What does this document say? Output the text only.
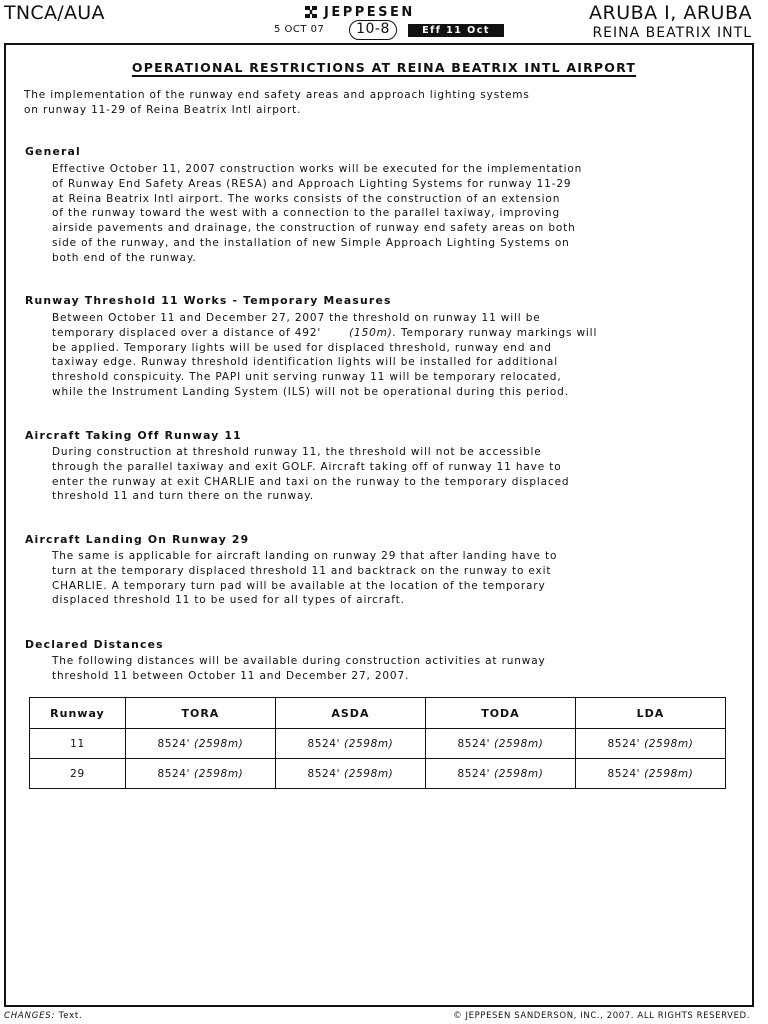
TNCA/AUA	JEPPESEN
5 OCT 07	10-8	Eff 11 Oct
ARUBA I, ARUBA
REINA BEATRIX INTL
OPERATIONAL RESTRICTIONS AT REINA BEATRIX INTL AIRPORT
The implementation of the runway end safety areas and approach lighting systems
on runway 11-29 of Reina Beatrix Intl airport.
General
Effective October 11, 2007 construction works will be executed for the implementation
of Runway End Safety Areas (RESA) and Approach Lighting Systems for runway 11-29
at Reina Beatrix Intl airport. The works consists of the construction of an extension
of the runway toward the west with a connection to the parallel taxiway, improving
airside pavements and drainage, the construction of runway end safety areas on both
side of the runway, and the installation of new Simple Approach Lighting Systems on
both end of the runway.
Runway Threshold 11 Works - Temporary Measures
Between October 11 and December 27, 2007 the threshold on runway 11 will be
temporary displaced over a distance of 492'	(150m). Temporary runway markings will
be applied. Temporary lights will be used for displaced threshold, runway end and
taxiway edge. Runway threshold identification lights will be installed for additional
threshold conspicuity. The PAPI unit serving runway 11 will be temporary relocated,
while the Instrument Landing System (ILS) will not be operational during this period.
Aircraft Taking Off Runway 11
During construction at threshold runway 11, the threshold will not be accessible
through the parallel taxiway and exit GOLF. Aircraft taking off of runway 11 have to
enter the runway at exit CHARLIE and taxi on the runway to the temporary displaced
threshold 11 and turn there on the runway.
Aircraft Landing On Runway 29
The same is applicable for aircraft landing on runway 29 that after landing have to
turn at the temporary displaced threshold 11 and backtrack on the runway to exit
CHARLIE. A temporary turn pad will be available at the location of the temporary
displaced threshold 11 to be used for all types of aircraft.
Declared Distances
The following distances will be available during construction activities at runway
threshold 11 between October 11 and December 27, 2007.
Runway	TORA	ASDA	TODA	LDA
11	8524' (2598m)	8524' (2598m)	8524' (2598m)	8524' (2598m)
29	8524' (2598m)	8524' (2598m)	8524' (2598m)	8524' (2598m)
CHANGES: Text.	© JEPPESEN SANDERSON, INC., 2007. ALL RIGHTS RESERVED.
